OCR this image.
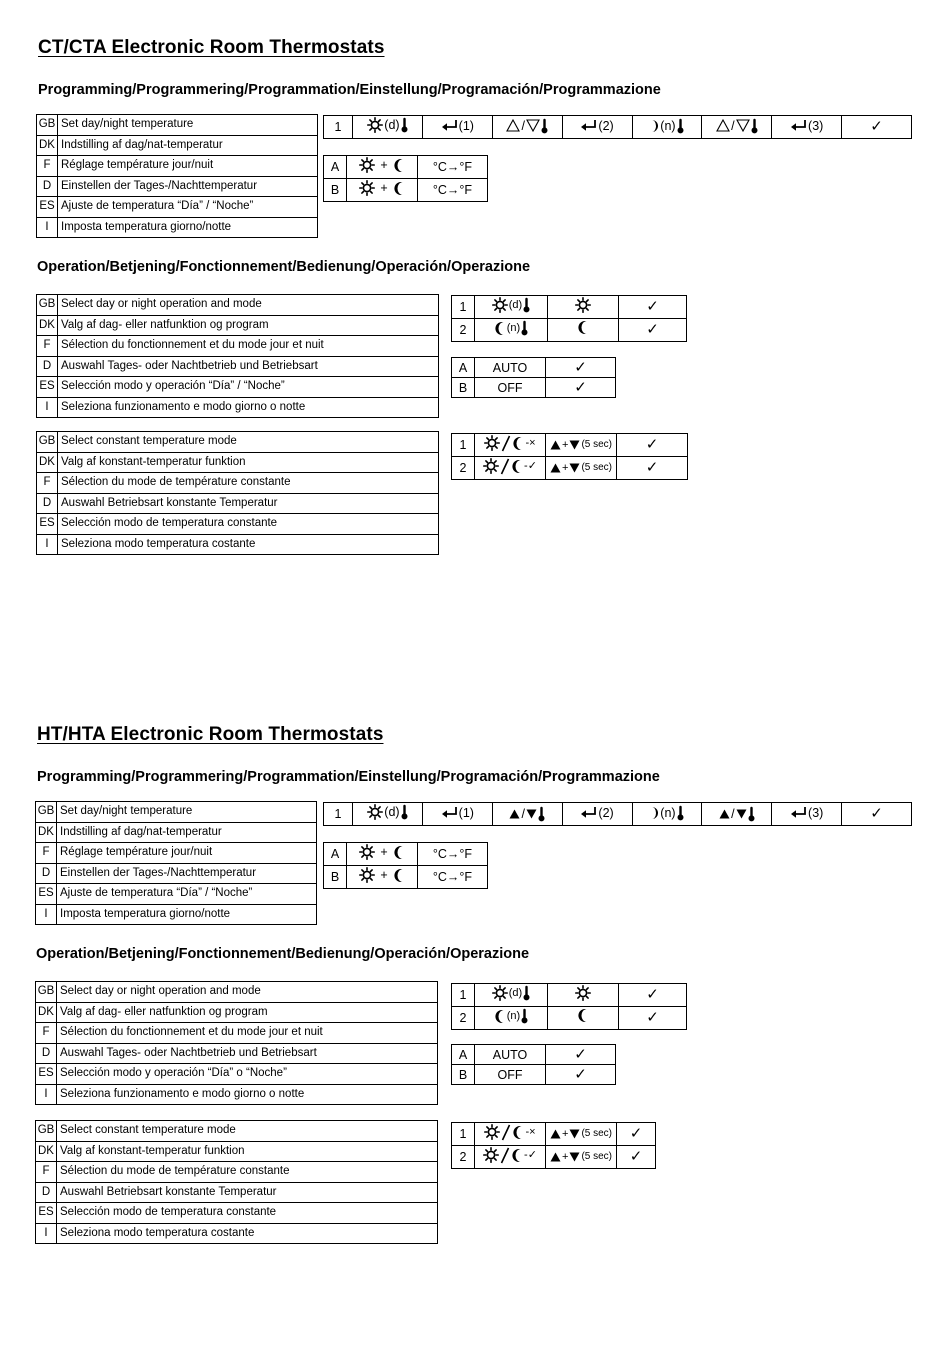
CT/CTA Electronic Room Thermostats
Programming/Programmering/Programmation/Einstellung/Programación/Programmazione
GB	Set day/night temperature
DK	Indstilling af dag/nat-temperatur
F	Réglage température jour/nuit
D	Einstellen der Tages-/Nachttemperatur
ES	Ajuste de temperatura “Día” / “Noche”
I	Imposta temperatura giorno/notte
1	(d)	(1)	/	(2)	(n)	/	(3)	✓
A	+	°C→°F
B	+	°C→°F
Operation/Betjening/Fonctionnement/Bedienung/Operación/Operazione
GB	Select day or night operation and mode
DK	Valg af dag- eller natfunktion og program
F	Sélection du fonctionnement et du mode jour et nuit
D	Auswahl Tages- oder Nachtbetrieb und Betriebsart
ES	Selección modo y operación “Día” / “Noche”
I	Seleziona funzionamento e modo giorno o notte
1	(d)		✓
2	(n)		✓
A	AUTO	✓
B	OFF	✓
GB	Select constant temperature mode
DK	Valg af konstant-temperatur funktion
F	Sélection du mode de température constante
D	Auswahl Betriebsart konstante Temperatur
ES	Selección modo de temperatura constante
I	Seleziona modo temperatura costante
1	-×	+ (5 sec)	✓
2	-✓	+ (5 sec)	✓
HT/HTA Electronic Room Thermostats
Programming/Programmering/Programmation/Einstellung/Programación/Programmazione
GB	Set day/night temperature
DK	Indstilling af dag/nat-temperatur
F	Réglage température jour/nuit
D	Einstellen der Tages-/Nachttemperatur
ES	Ajuste de temperatura “Día” / “Noche”
I	Imposta temperatura giorno/notte
1	(d)	(1)	/	(2)	(n)	/	(3)	✓
A	+	°C→°F
B	+	°C→°F
Operation/Betjening/Fonctionnement/Bedienung/Operación/Operazione
GB	Select day or night operation and mode
DK	Valg af dag- eller natfunktion og program
F	Sélection du fonctionnement et du mode jour et nuit
D	Auswahl Tages- oder Nachtbetrieb und Betriebsart
ES	Selección modo y operación “Día” o “Noche”
I	Seleziona funzionamento e modo giorno o notte
1	(d)		✓
2	(n)		✓
A	AUTO	✓
B	OFF	✓
GB	Select constant temperature mode
DK	Valg af konstant-temperatur funktion
F	Sélection du mode de température constante
D	Auswahl Betriebsart konstante Temperatur
ES	Selección modo de temperatura constante
I	Seleziona modo temperatura costante
1	-×	+ (5 sec)	✓
2	-✓	+ (5 sec)	✓
